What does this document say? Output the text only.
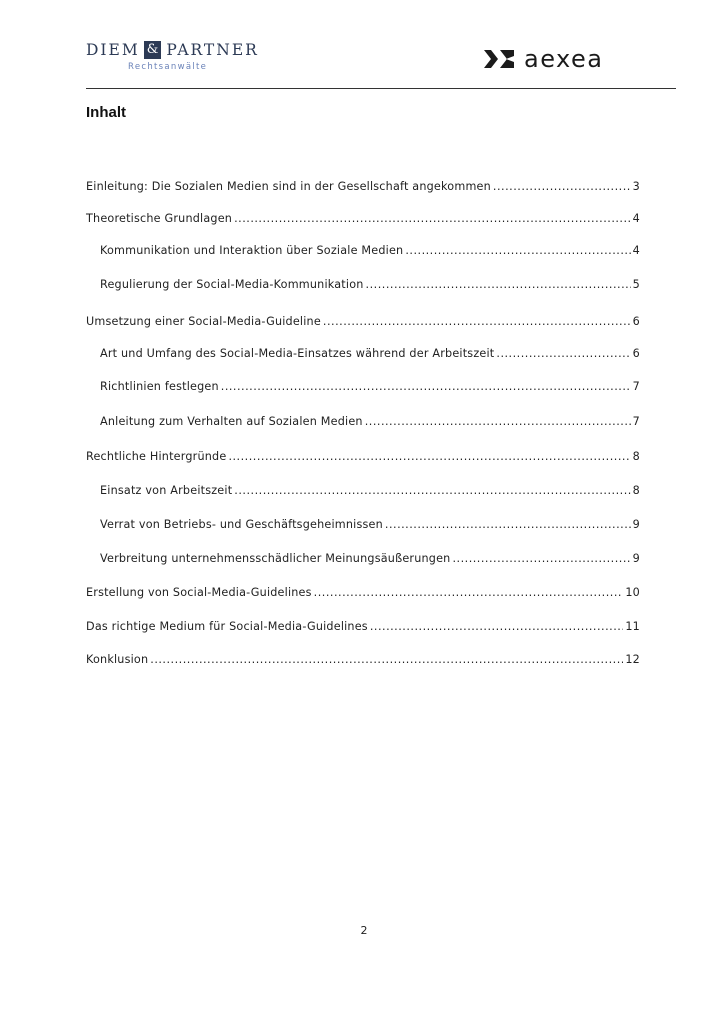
DIEM & PARTNER
Rechtsanwälte	aexea
Inhalt
Einleitung: Die Sozialen Medien sind in der Gesellschaft angekommen .....	3
Theoretische Grundlagen .....	4
Kommunikation und Interaktion über Soziale Medien .....	4
Regulierung der Social-Media-Kommunikation .....	5
Umsetzung einer Social-Media-Guideline .....	6
Art und Umfang des Social-Media-Einsatzes während der Arbeitszeit .....	6
Richtlinien festlegen .....	7
Anleitung zum Verhalten auf Sozialen Medien .....	7
Rechtliche Hintergründe .....	8
Einsatz von Arbeitszeit .....	8
Verrat von Betriebs- und Geschäftsgeheimnissen .....	9
Verbreitung unternehmensschädlicher Meinungsäußerungen .....	9
Erstellung von Social-Media-Guidelines .....	10
Das richtige Medium für Social-Media-Guidelines .....	11
Konklusion .....	12
2
